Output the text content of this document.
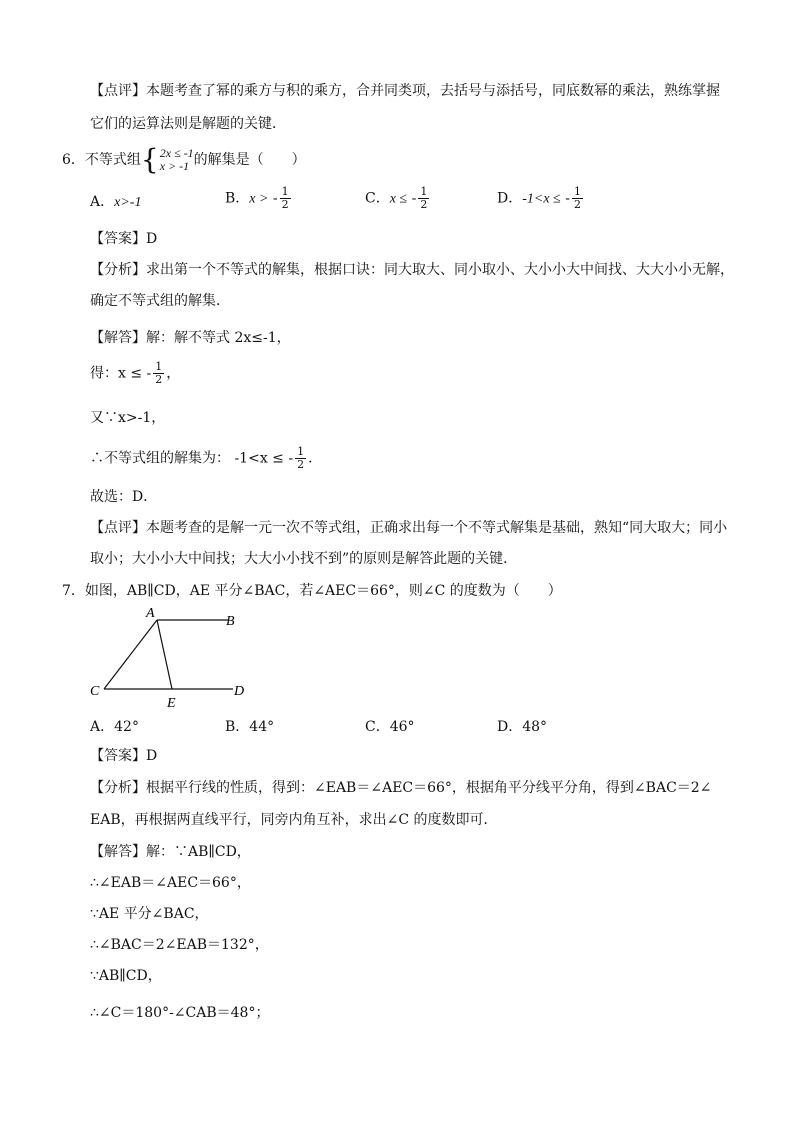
【点评】本题考查了幂的乘方与积的乘方，合并同类项，去括号与添括号，同底数幂的乘法，熟练掌握
它们的运算法则是解题的关键．
6．不等式组 { 2x ≤ -1
x > -1 的解集是（　　）
A．x>-1	B．x > - $\frac{1}{2}$	C．x ≤ - $\frac{1}{2}$	D．-1<x ≤ - $\frac{1}{2}$
【答案】D
【分析】求出第一个不等式的解集，根据口诀：同大取大、同小取小、大小小大中间找、大大小小无解，
确定不等式组的解集．
【解答】解：解不等式 2x≤-1，
得：x ≤ - $\frac{1}{2}$ ，
又∵x>-1，
∴不等式组的解集为： -1<x ≤ - $\frac{1}{2}$ ．
故选：D．
【点评】本题考查的是解一元一次不等式组，正确求出每一个不等式解集是基础，熟知“同大取大；同小
取小；大小小大中间找；大大小小找不到”的原则是解答此题的关键．
7．如图，AB∥CD，AE 平分∠BAC，若∠AEC＝66°，则∠C 的度数为（　　）
A
B
C	D
E
A．42°	B．44°	C．46°	D．48°
【答案】D
【分析】根据平行线的性质，得到：∠EAB＝∠AEC＝66°，根据角平分线平分角，得到∠BAC＝2∠
EAB，再根据两直线平行，同旁内角互补，求出∠C 的度数即可．
【解答】解：∵AB∥CD，
∴∠EAB＝∠AEC＝66°，
∵AE 平分∠BAC，
∴∠BAC＝2∠EAB＝132°，
∵AB∥CD，
∴∠C＝180°-∠CAB＝48°；
